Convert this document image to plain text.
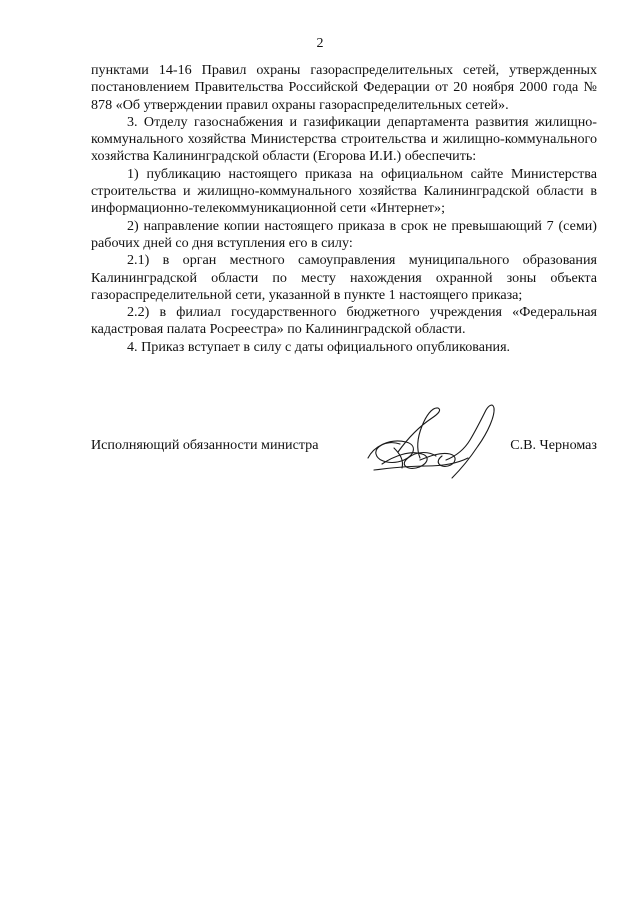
2

пунктами 14-16 Правил охраны газораспределительных сетей, утвержденных постановлением Правительства Российской Федерации от 20 ноября 2000 года № 878 «Об утверждении правил охраны газораспределительных сетей».

3. Отделу газоснабжения и газификации департамента развития жилищно-коммунального хозяйства Министерства строительства и жилищно-коммунального хозяйства Калининградской области (Егорова И.И.) обеспечить:

1) публикацию настоящего приказа на официальном сайте Министерства строительства и жилищно-коммунального хозяйства Калининградской области в информационно-телекоммуникационной сети «Интернет»;

2) направление копии настоящего приказа в срок не превышающий 7 (семи) рабочих дней со дня вступления его в силу:

2.1) в орган местного самоуправления муниципального образования Калининградской области по месту нахождения охранной зоны объекта газораспределительной сети, указанной в пункте 1 настоящего приказа;

2.2) в филиал государственного бюджетного учреждения «Федеральная кадастровая палата Росреестра» по Калининградской области.

4. Приказ вступает в силу с даты официального опубликования.

Исполняющий обязанности министра	С.В. Черномаз
